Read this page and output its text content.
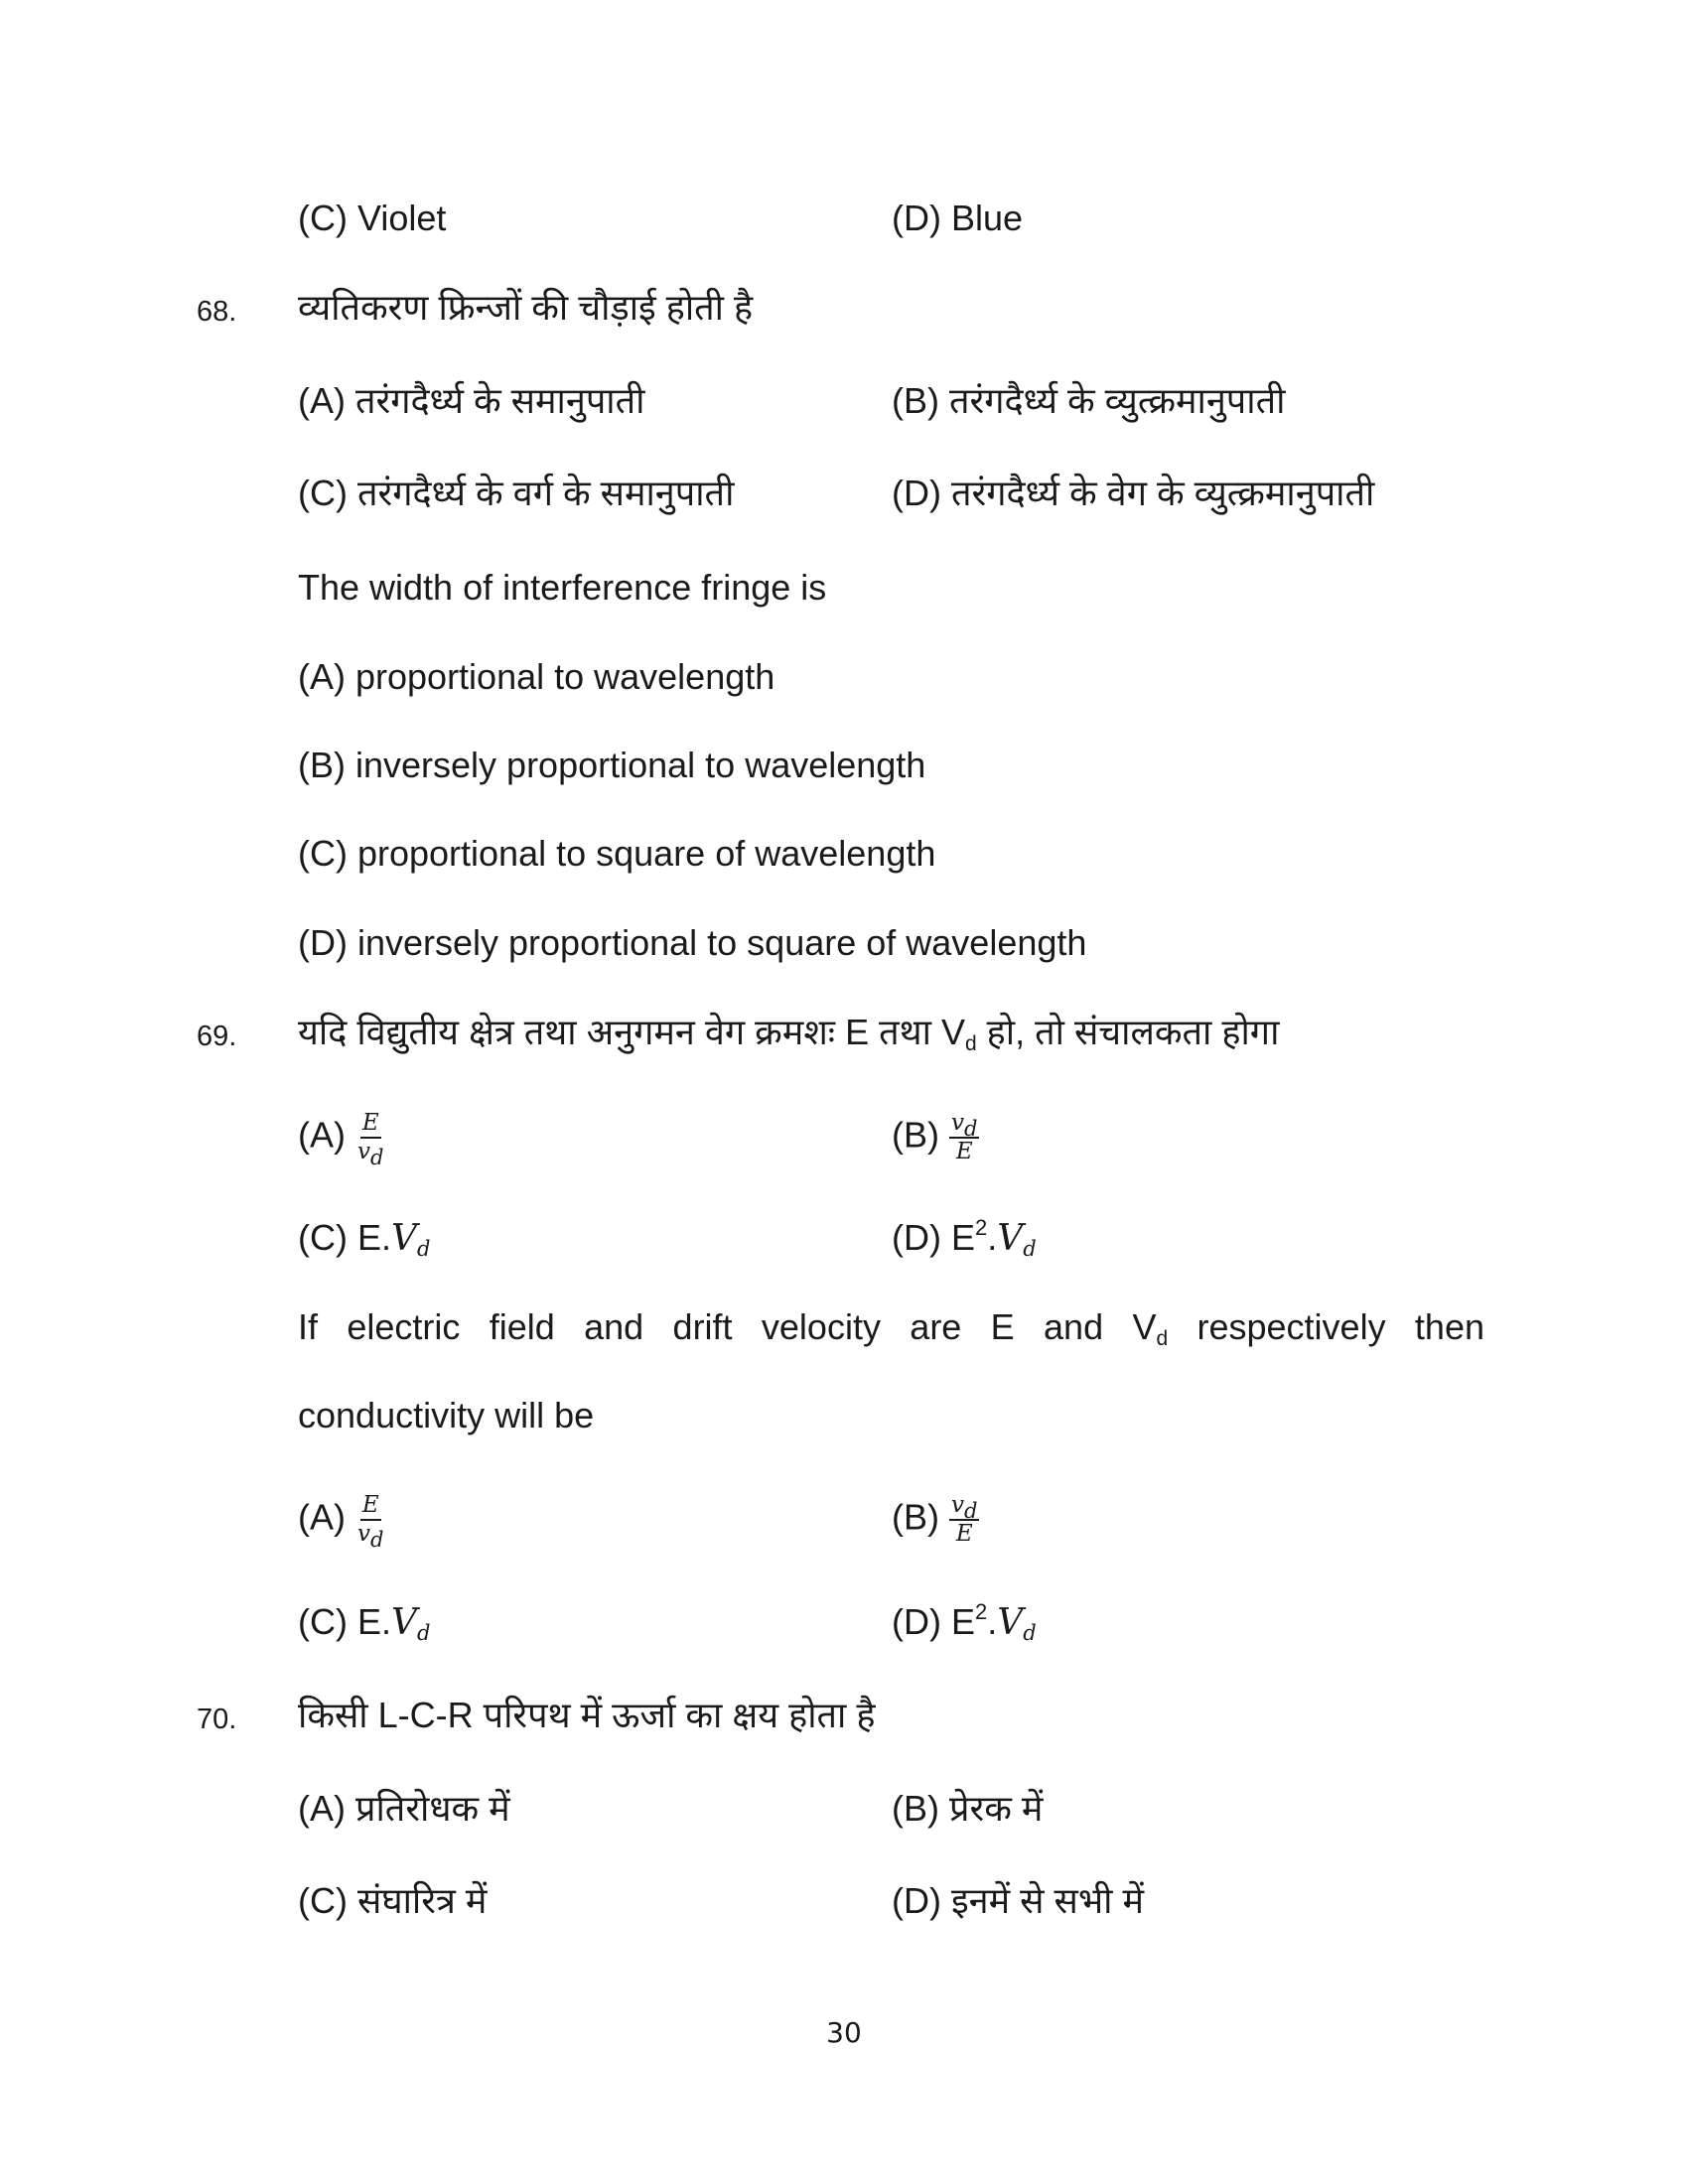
(C) Violet	(D) Blue
68. व्यतिकरण फ्रिन्जों की चौड़ाई होती है
(A) तरंगदैर्ध्य के समानुपाती	(B) तरंगदैर्ध्य के व्युत्क्रमानुपाती
(C) तरंगदैर्ध्य के वर्ग के समानुपाती	(D) तरंगदैर्ध्य के वेग के व्युत्क्रमानुपाती
The width of interference fringe is
(A) proportional to wavelength
(B) inversely proportional to wavelength
(C) proportional to square of wavelength
(D) inversely proportional to square of wavelength
69. यदि विद्युतीय क्षेत्र तथा अनुगमन वेग क्रमशः E तथा $V_d$ हो, तो संचालकता होगा
$(A) \frac{E}{v_d}$	$(B) \frac{v_d}{E}$
(C) $E.V_d$	(D) $E^2.V_d$
If electric field and drift velocity are E and $V_d$ respectively then
conductivity will be
$(A) \frac{E}{v_d}$	$(B) \frac{v_d}{E}$
(C) $E.V_d$	(D) $E^2.V_d$
70. किसी L-C-R परिपथ में ऊर्जा का क्षय होता है
(A) प्रतिरोधक में	(B) प्रेरक में
(C) संघारित्र में	(D) इनमें से सभी में
30
